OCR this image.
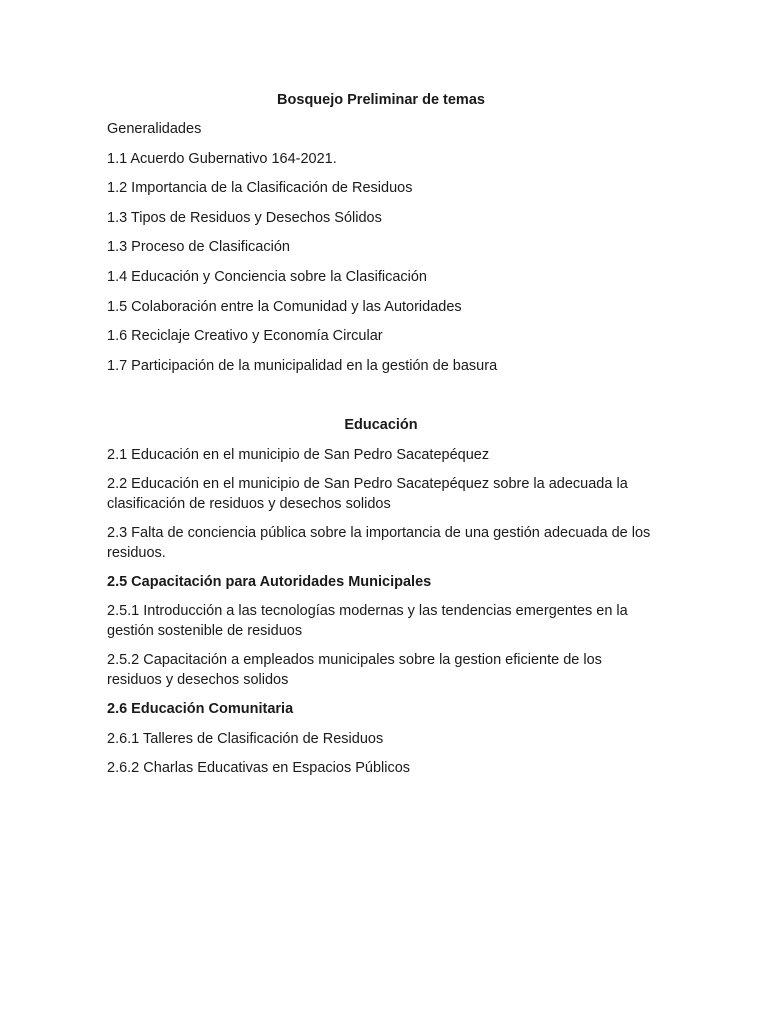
Bosquejo Preliminar de temas
Generalidades
1.1 Acuerdo Gubernativo 164-2021.
1.2 Importancia de la Clasificación de Residuos
1.3 Tipos de Residuos y Desechos Sólidos
1.3 Proceso de Clasificación
1.4 Educación y Conciencia sobre la Clasificación
1.5 Colaboración entre la Comunidad y las Autoridades
1.6 Reciclaje Creativo y Economía Circular
1.7 Participación de la municipalidad en la gestión de basura
Educación
2.1 Educación en el municipio de San Pedro Sacatepéquez
2.2 Educación en el municipio de San Pedro Sacatepéquez sobre la adecuada la clasificación de residuos y desechos solidos
2.3 Falta de conciencia pública sobre la importancia de una gestión adecuada de los residuos.
2.5 Capacitación para Autoridades Municipales
2.5.1 Introducción a las tecnologías modernas y las tendencias emergentes en la gestión sostenible de residuos
2.5.2 Capacitación a empleados municipales sobre la gestion eficiente de los residuos y desechos solidos
2.6 Educación Comunitaria
2.6.1 Talleres de Clasificación de Residuos
2.6.2 Charlas Educativas en Espacios Públicos
